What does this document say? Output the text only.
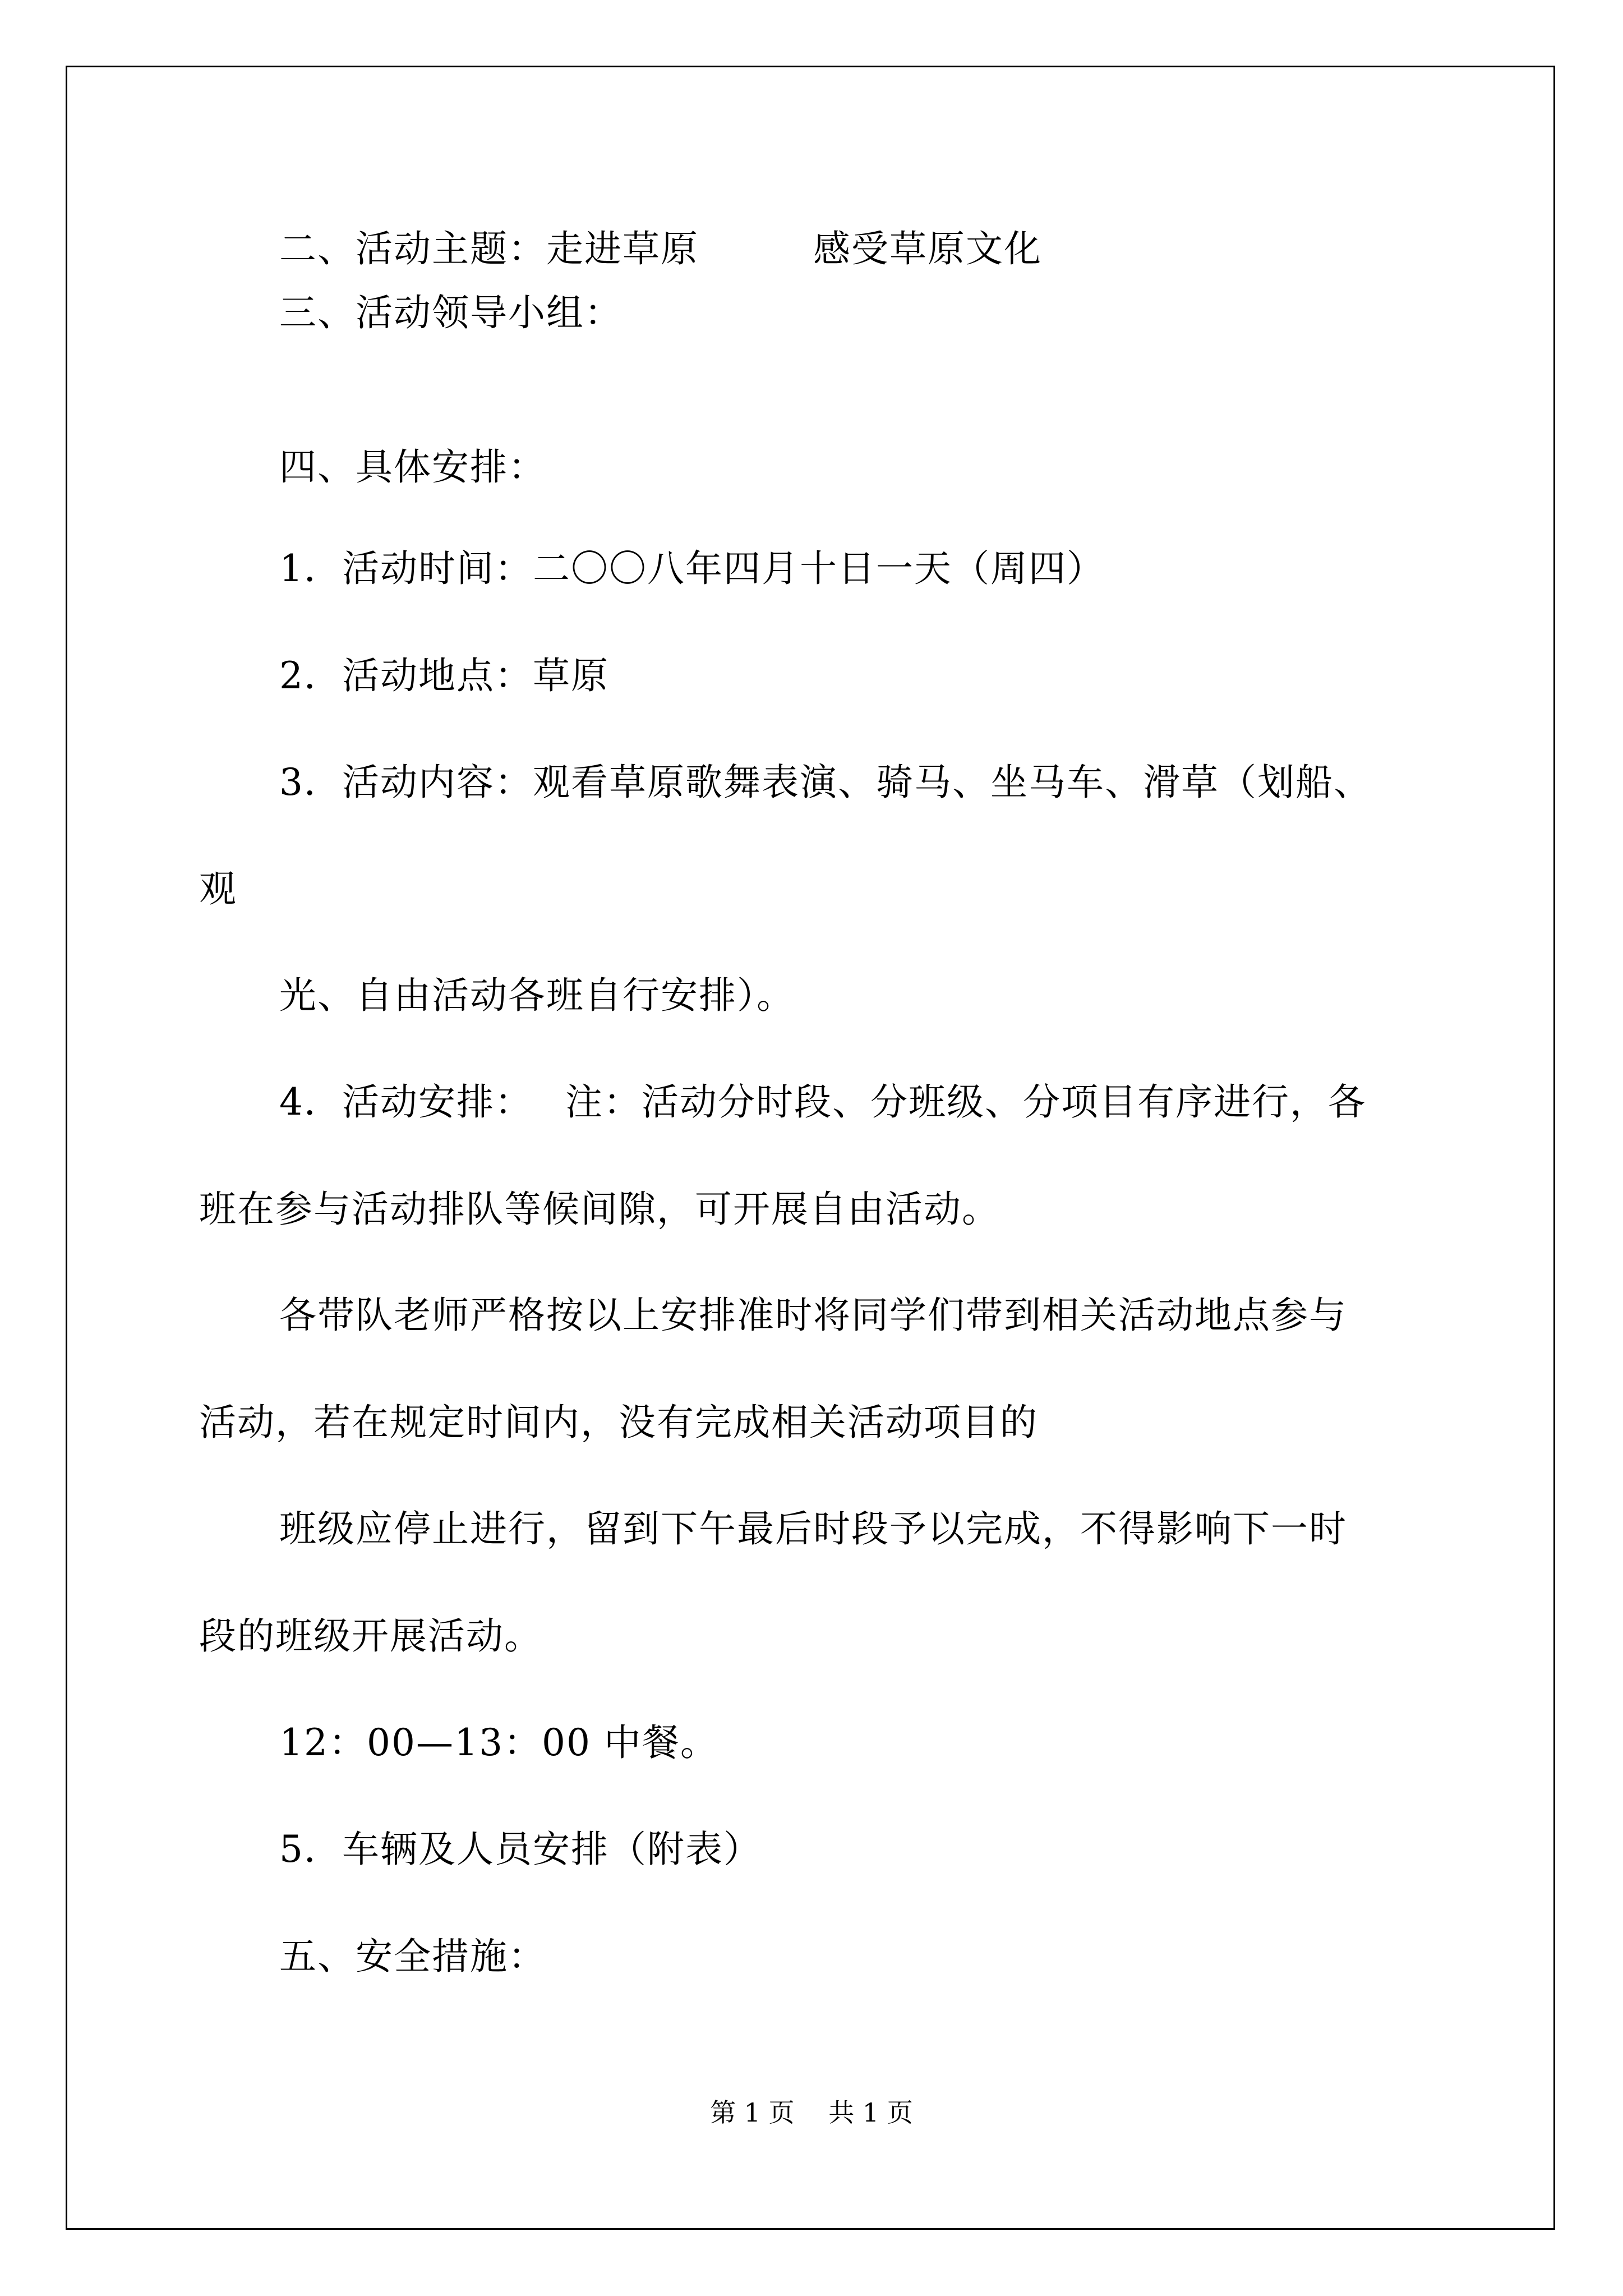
二、活动主题：走进草原　　　感受草原文化
三、活动领导小组：
四、具体安排：
1．活动时间：二〇〇八年四月十日一天（周四）
2．活动地点：草原
3．活动内容：观看草原歌舞表演、骑马、坐马车、滑草（划船、
观
光、自由活动各班自行安排）。
4．活动安排：　 注：活动分时段、分班级、分项目有序进行，各
班在参与活动排队等候间隙，可开展自由活动。
各带队老师严格按以上安排准时将同学们带到相关活动地点参与
活动，若在规定时间内，没有完成相关活动项目的
班级应停止进行，留到下午最后时段予以完成，不得影响下一时
段的班级开展活动。
12：00—13：00 中餐。
5．车辆及人员安排（附表）
五、安全措施：
第 1 页　 共 1 页
